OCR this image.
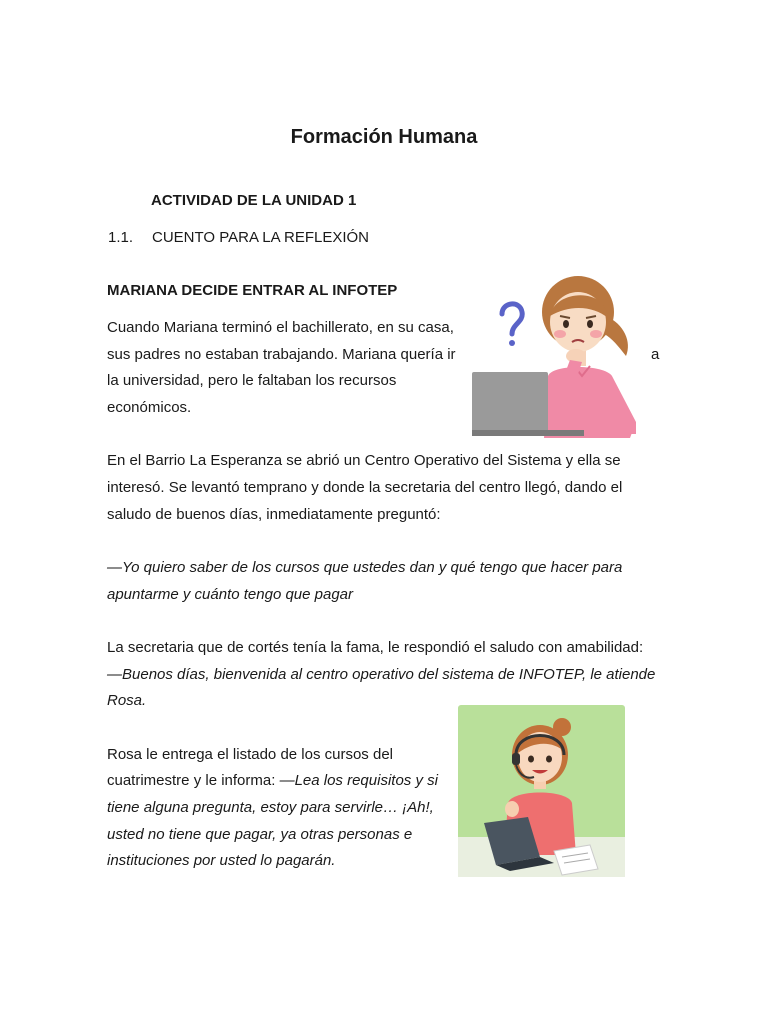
Formación Humana
ACTIVIDAD DE LA UNIDAD 1
1.1. CUENTO PARA LA REFLEXIÓN
MARIANA DECIDE ENTRAR AL INFOTEP
Cuando Mariana terminó el bachillerato, en su casa,
sus padres no estaban trabajando. Mariana quería ir	a
la universidad, pero le faltaban los recursos
económicos.
En el Barrio La Esperanza se abrió un Centro Operativo del Sistema y ella se
interesó. Se levantó temprano y donde la secretaria del centro llegó, dando el
saludo de buenos días, inmediatamente preguntó:
—Yo quiero saber de los cursos que ustedes dan y qué tengo que hacer para
apuntarme y cuánto tengo que pagar
La secretaria que de cortés tenía la fama, le respondió el saludo con amabilidad:
—Buenos días, bienvenida al centro operativo del sistema de INFOTEP, le atiende
Rosa.
Rosa le entrega el listado de los cursos del
cuatrimestre y le informa: —Lea los requisitos y si
tiene alguna pregunta, estoy para servirle… ¡Ah!,
usted no tiene que pagar, ya otras personas e
instituciones por usted lo pagarán.
